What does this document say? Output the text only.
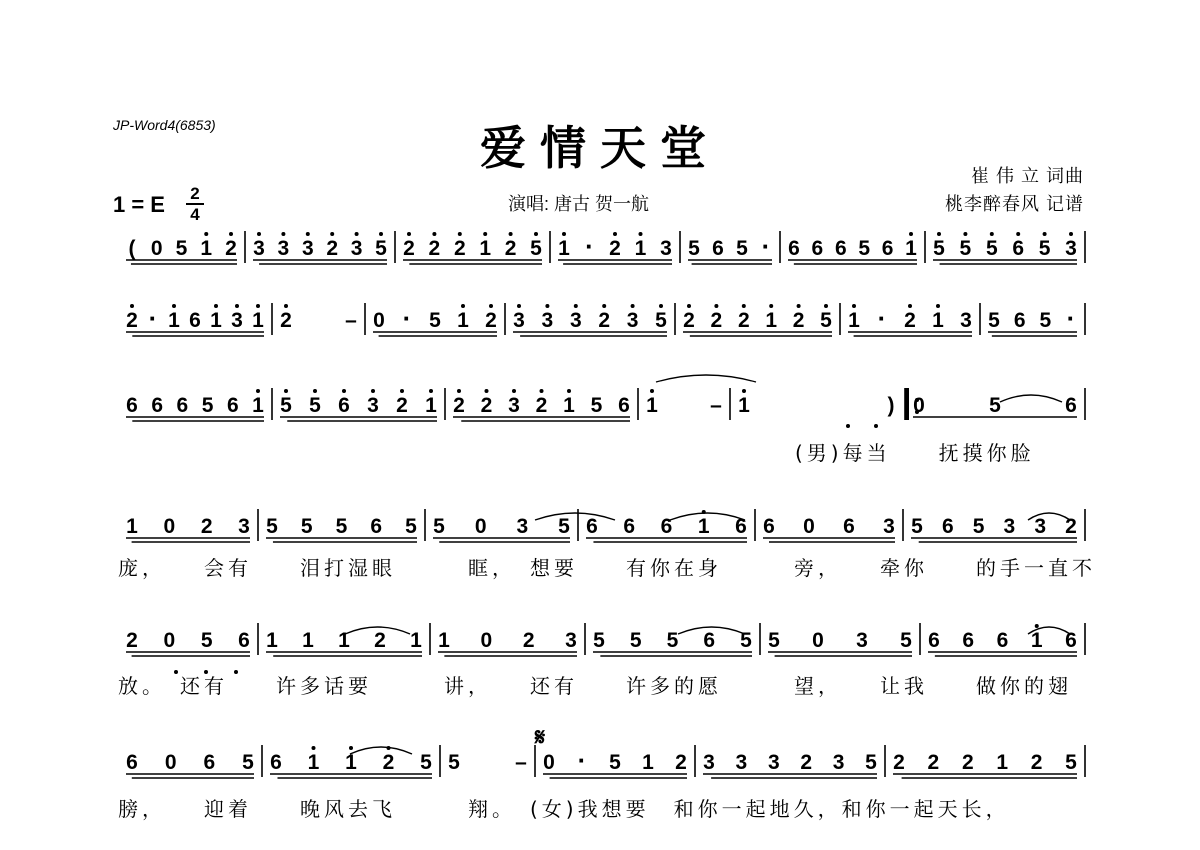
JP-Word4(6853)	爱情天堂
崔 伟 立 词曲
桃李醉春风 记谱
演唱: 唐古 贺一航
1 = E 2
4
( 0 5 1 2 3 3 3 2 3 5 2 2 2 1 2 5 1 · 2 1 3 5 6 5 · 6 6 6 5 6 1 5 5 5 6 5 3
2 · 1 6 1 3 1 2	– 0 · 5 1 2 3 3 3 2 3 5 2 2 2 1 2 5 1 · 2 1 3 5 6 5 ·
6 6 6 5 6 1 5 5 6 3 2 1 2 2 3 2 1 5 6 1 – 1	) 0	5	6
1 0 2 3 5 5 5 6 5 5 0 3 5 6 6 6 1 6 6 0 6 3 5 6 5 3 3 2
2 0 5 6 1 1 1 2 1 1 0 2 3 5 5 5 6 5 5 0 3 5 6 6 6 1 6
6 0 6 5 6 1 1 2 5 5	– 0 · 5 1 2 3 3 3 2 3 5 2 2 2 1 2 5
𝄋
(男)每当　　抚摸你脸
庞，　　会有　　泪打湿眼　　　眶，　想要　　有你在身　　　旁，　　牵你　　的手一直不
放。　还有　　许多话要　　　讲，　　还有　　许多的愿　　　望，　　让我　　做你的翅
膀，　　迎着　　晚风去飞　　　翔。　(女)我想要　和你一起地久，和你一起天长，
